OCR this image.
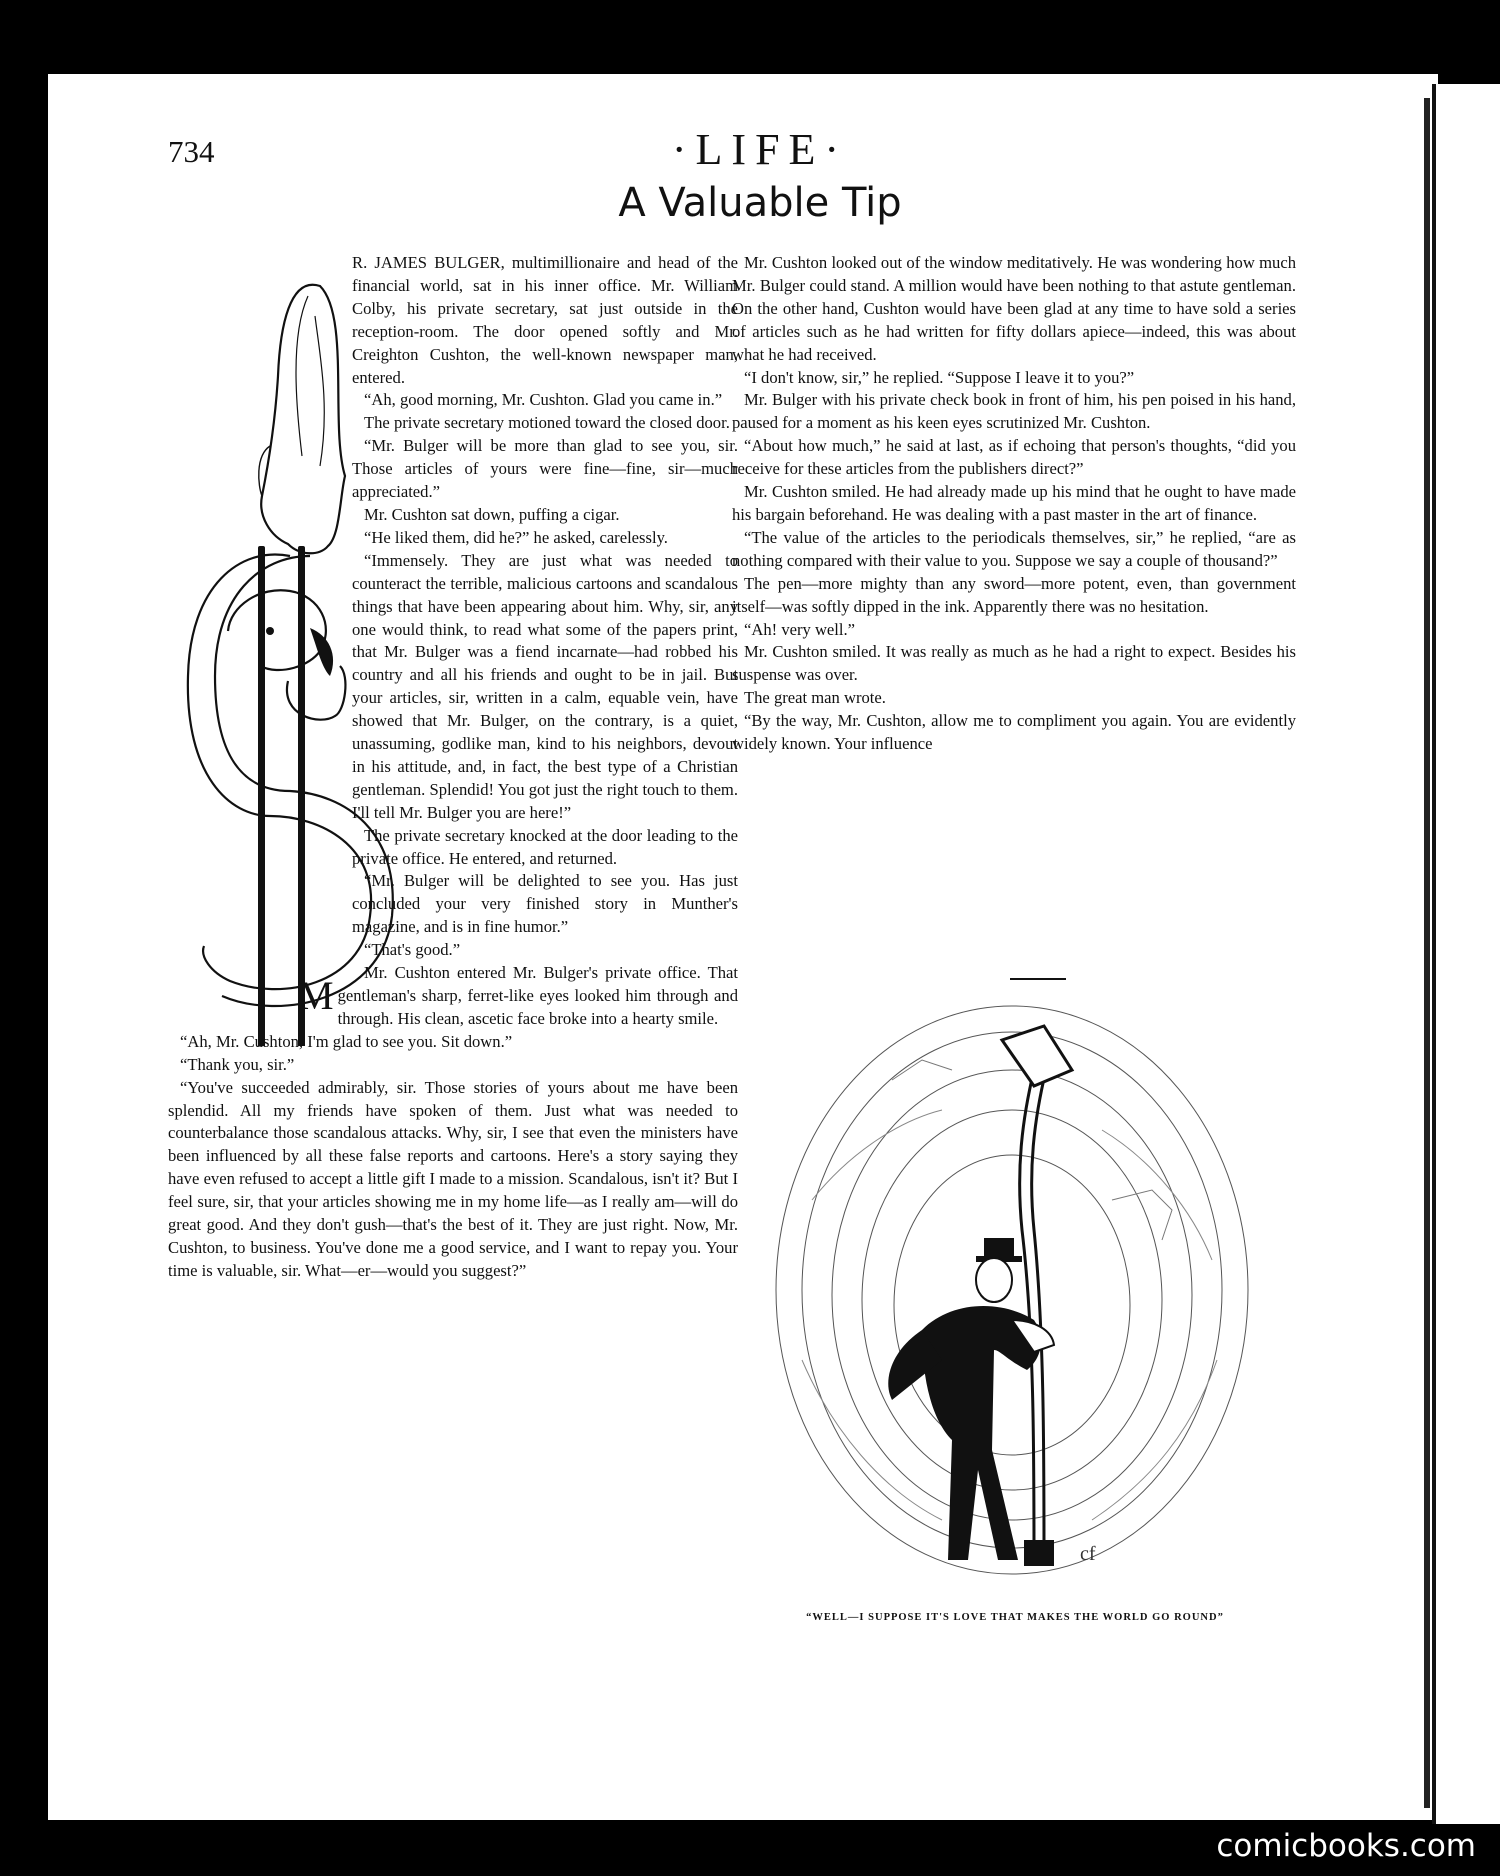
734	·LIFE·
A Valuable Tip

M
R. JAMES BULGER, multimillionaire and head of the financial world, sat in his inner office. Mr. William Colby, his private secretary, sat just outside in the reception-room. The door opened softly and Mr. Creighton Cushton, the well-known newspaper man, entered.

“Ah, good morning, Mr. Cushton. Glad you came in.”

The private secretary motioned toward the closed door.

“Mr. Bulger will be more than glad to see you, sir. Those articles of yours were fine—fine, sir—much appreciated.”

Mr. Cushton sat down, puffing a cigar.

“He liked them, did he?” he asked, carelessly.

“Immensely. They are just what was needed to counteract the terrible, malicious cartoons and scandalous things that have been appearing about him. Why, sir, any one would think, to read what some of the papers print, that Mr. Bulger was a fiend incarnate—had robbed his country and all his friends and ought to be in jail. But your articles, sir, written in a calm, equable vein, have showed that Mr. Bulger, on the contrary, is a quiet, unassuming, godlike man, kind to his neighbors, devout in his attitude, and, in fact, the best type of a Christian gentleman. Splendid! You got just the right touch to them. I'll tell Mr. Bulger you are here!”

The private secretary knocked at the door leading to the private office. He entered, and returned.

“Mr. Bulger will be delighted to see you. Has just concluded your very finished story in Munther's magazine, and is in fine humor.”

“That's good.”

Mr. Cushton entered Mr. Bulger's private office. That gentleman's sharp, ferret-like eyes looked him through and through. His clean, ascetic face broke into a hearty smile.

“Ah, Mr. Cushton, I'm glad to see you. Sit down.”

“Thank you, sir.”

“You've succeeded admirably, sir. Those stories of yours about me have been splendid. All my friends have spoken of them. Just what was needed to counterbalance those scandalous attacks. Why, sir, I see that even the ministers have been influenced by all these false reports and cartoons. Here's a story saying they have even refused to accept a little gift I made to a mission. Scandalous, isn't it? But I feel sure, sir, that your articles showing me in my home life—as I really am—will do great good. And they don't gush—that's the best of it. They are just right. Now, Mr. Cushton, to business. You've done me a good service, and I want to repay you. Your time is valuable, sir. What—er—would you suggest?”

Mr. Cushton looked out of the window meditatively. He was wondering how much Mr. Bulger could stand. A million would have been nothing to that astute gentleman. On the other hand, Cushton would have been glad at any time to have sold a series of articles such as he had written for fifty dollars apiece—indeed, this was about what he had received.

“I don't know, sir,” he replied. “Suppose I leave it to you?”

Mr. Bulger with his private check book in front of him, his pen poised in his hand, paused for a moment as his keen eyes scrutinized Mr. Cushton.

“About how much,” he said at last, as if echoing that person's thoughts, “did you receive for these articles from the publishers direct?”

Mr. Cushton smiled. He had already made up his mind that he ought to have made his bargain beforehand. He was dealing with a past master in the art of finance.

“The value of the articles to the periodicals themselves, sir,” he replied, “are as nothing compared with their value to you. Suppose we say a couple of thousand?”

The pen—more mighty than any sword—more potent, even, than government itself—was softly dipped in the ink. Apparently there was no hesitation.

“Ah! very well.”

Mr. Cushton smiled. It was really as much as he had a right to expect. Besides his suspense was over.

The great man wrote.

“By the way, Mr. Cushton, allow me to compliment you again. You are evidently widely known. Your influence

cf
“WELL—I SUPPOSE IT'S LOVE THAT MAKES THE WORLD GO ROUND”
comicbooks.com
